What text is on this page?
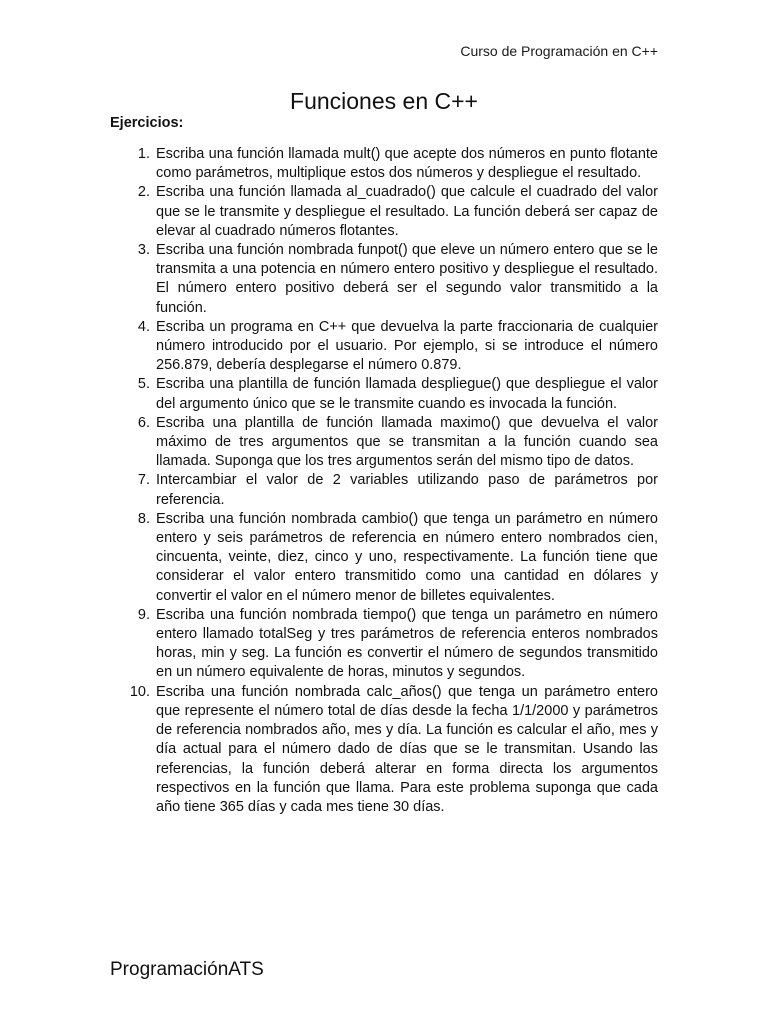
Curso de Programación en C++
Funciones en C++
Ejercicios:
1. Escriba una función llamada mult() que acepte dos números en punto flotante como parámetros, multiplique estos dos números y despliegue el resultado.
2. Escriba una función llamada al_cuadrado() que calcule el cuadrado del valor que se le transmite y despliegue el resultado. La función deberá ser capaz de elevar al cuadrado números flotantes.
3. Escriba una función nombrada funpot() que eleve un número entero que se le transmita a una potencia en número entero positivo y despliegue el resultado. El número entero positivo deberá ser el segundo valor transmitido a la función.
4. Escriba un programa en C++ que devuelva la parte fraccionaria de cualquier número introducido por el usuario. Por ejemplo, si se introduce el número 256.879, debería desplegarse el número 0.879.
5. Escriba una plantilla de función llamada despliegue() que despliegue el valor del argumento único que se le transmite cuando es invocada la función.
6. Escriba una plantilla de función llamada maximo() que devuelva el valor máximo de tres argumentos que se transmitan a la función cuando sea llamada. Suponga que los tres argumentos serán del mismo tipo de datos.
7. Intercambiar el valor de 2 variables utilizando paso de parámetros por referencia.
8. Escriba una función nombrada cambio() que tenga un parámetro en número entero y seis parámetros de referencia en número entero nombrados cien, cincuenta, veinte, diez, cinco y uno, respectivamente. La función tiene que considerar el valor entero transmitido como una cantidad en dólares y convertir el valor en el número menor de billetes equivalentes.
9. Escriba una función nombrada tiempo() que tenga un parámetro en número entero llamado totalSeg y tres parámetros de referencia enteros nombrados horas, min y seg. La función es convertir el número de segundos transmitido en un número equivalente de horas, minutos y segundos.
10. Escriba una función nombrada calc_años() que tenga un parámetro entero que represente el número total de días desde la fecha 1/1/2000 y parámetros de referencia nombrados año, mes y día. La función es calcular el año, mes y día actual para el número dado de días que se le transmitan. Usando las referencias, la función deberá alterar en forma directa los argumentos respectivos en la función que llama. Para este problema suponga que cada año tiene 365 días y cada mes tiene 30 días.
ProgramaciónATS
